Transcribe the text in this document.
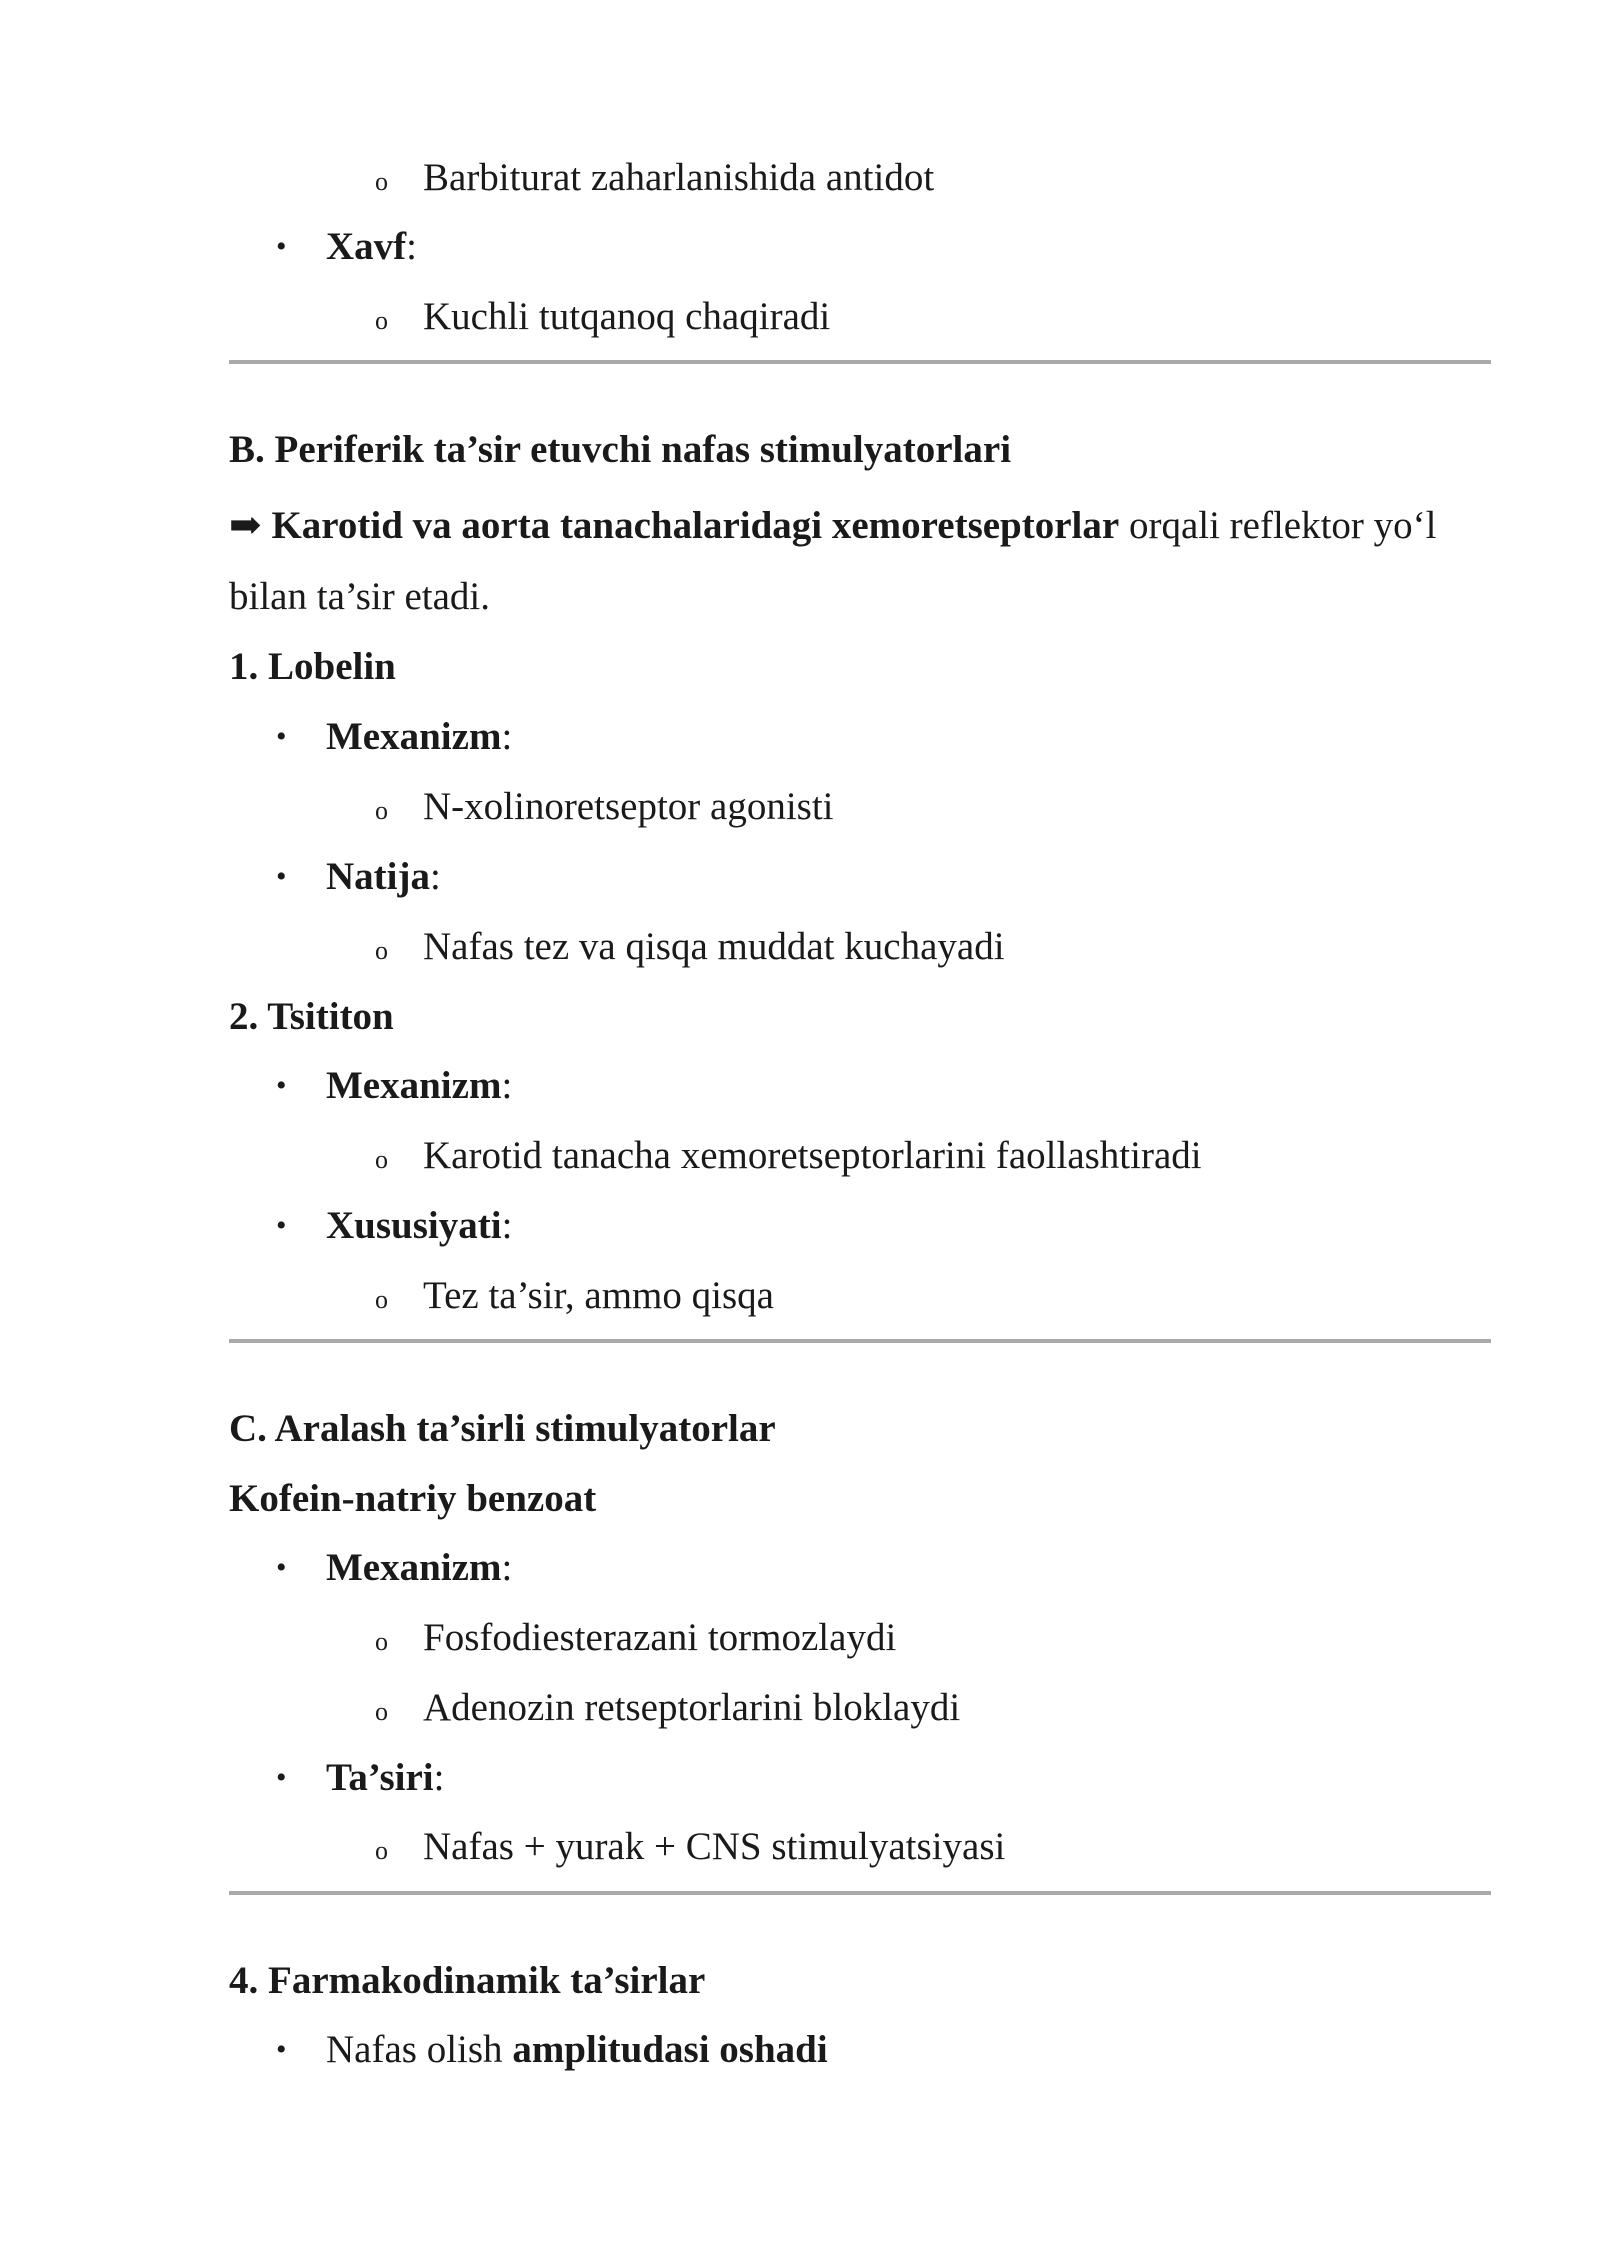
o Barbiturat zaharlanishida antidot
• Xavf:
o Kuchli tutqanoq chaqiradi
B. Periferik ta’sir etuvchi nafas stimulyatorlari
➡ Karotid va aorta tanachalaridagi xemoretseptorlar orqali reflektor yo‘l
bilan ta’sir etadi.
1. Lobelin
• Mexanizm:
o N-xolinoretseptor agonisti
• Natija:
o Nafas tez va qisqa muddat kuchayadi
2. Tsititon
• Mexanizm:
o Karotid tanacha xemoretseptorlarini faollashtiradi
• Xususiyati:
o Tez ta’sir, ammo qisqa
C. Aralash ta’sirli stimulyatorlar
Kofein-natriy benzoat
• Mexanizm:
o Fosfodiesterazani tormozlaydi
o Adenozin retseptorlarini bloklaydi
• Ta’siri:
o Nafas + yurak + CNS stimulyatsiyasi
4. Farmakodinamik ta’sirlar
• Nafas olish amplitudasi oshadi
